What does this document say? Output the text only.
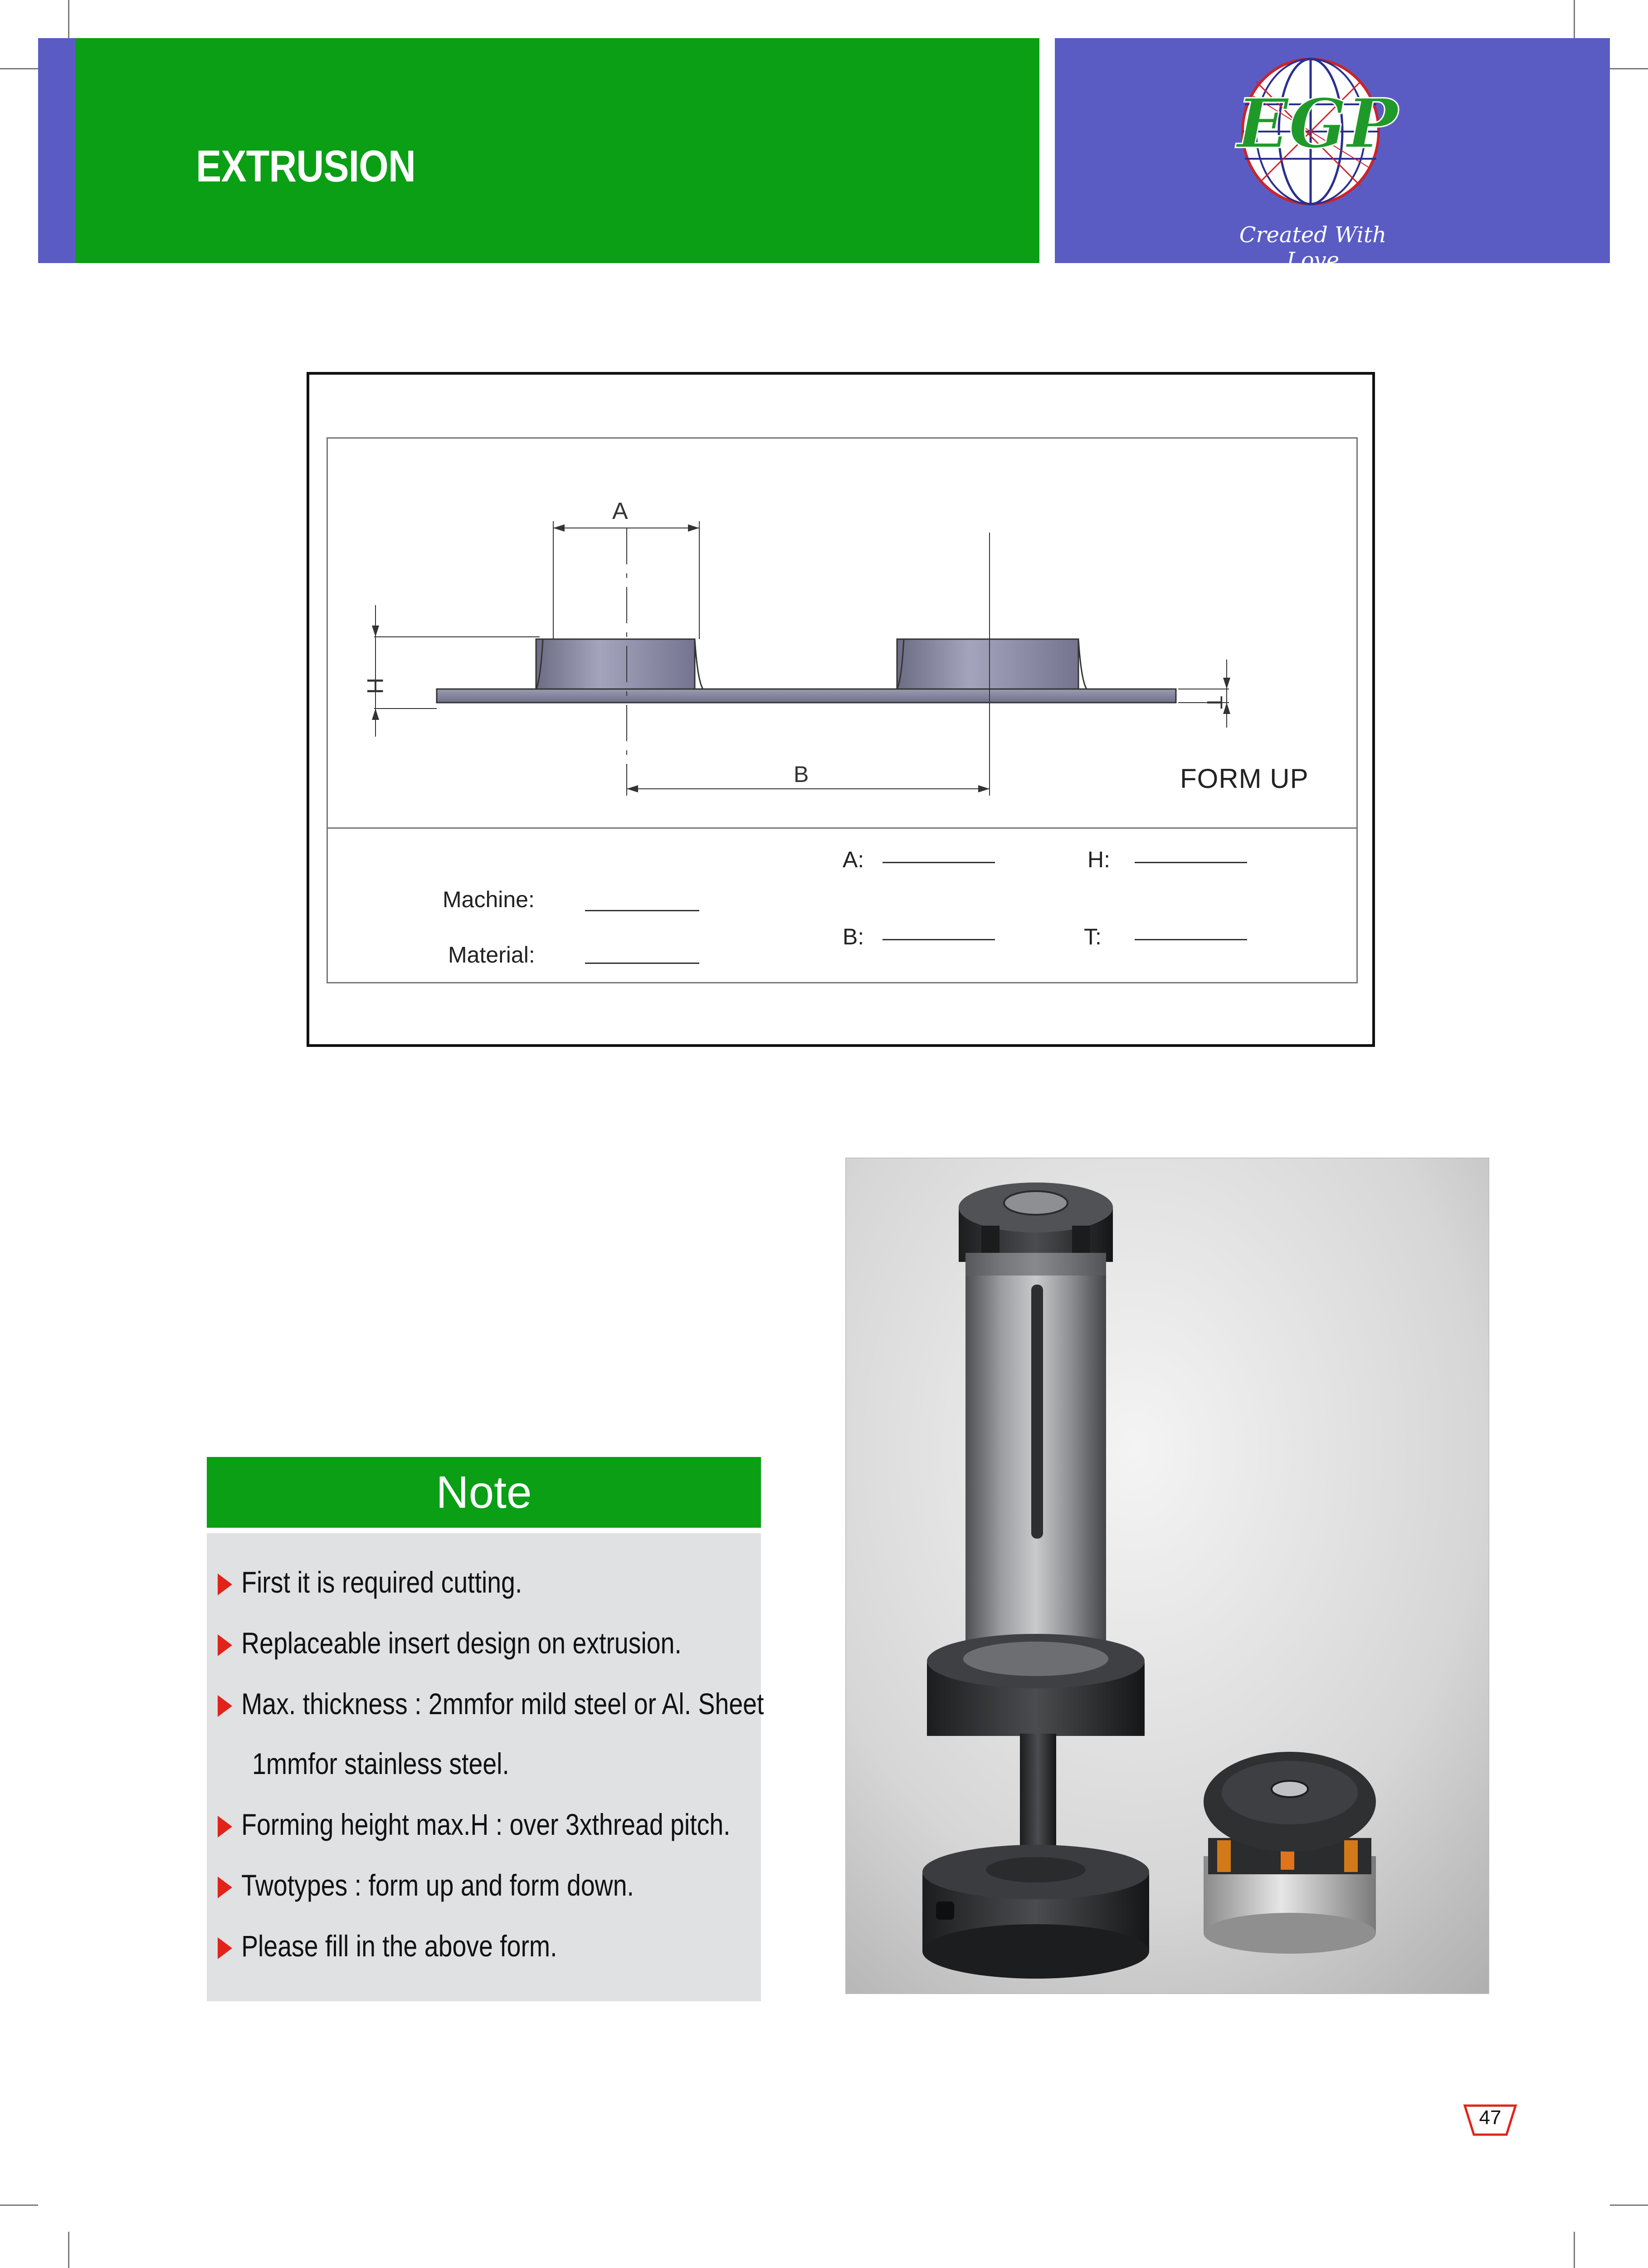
EXTRUSION
EGP
Created With Love
A
B
H
T
FORM UP
Machine:
Material:
A:
B:
H:
T:
Note
First it is required cutting.
Replaceable insert design on extrusion.
Max. thickness : 2mmfor mild steel or Al. Sheet
1mmfor stainless steel.
Forming height max.H : over 3xthread pitch.
Twotypes : form up and form down.
Please fill in the above form.
47
